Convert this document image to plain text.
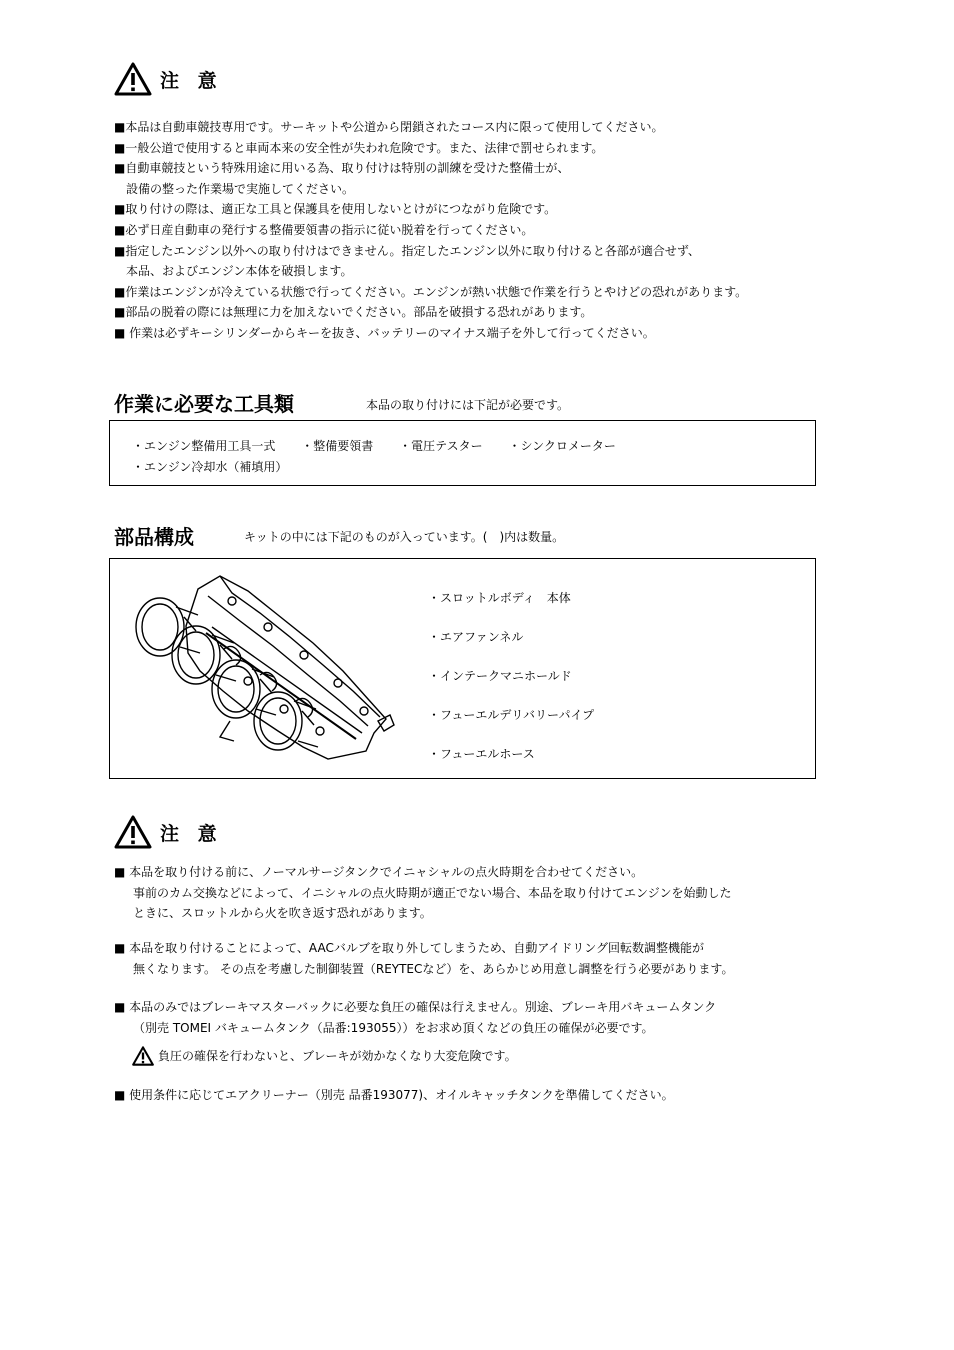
注 意
■本品は自動車競技専用です。サーキットや公道から閉鎖されたコース内に限って使用してください。
■一般公道で使用すると車両本来の安全性が失われ危険です。また、法律で罰せられます。
■自動車競技という特殊用途に用いる為、取り付けは特別の訓練を受けた整備士が、
設備の整った作業場で実施してください。
■取り付けの際は、適正な工具と保護具を使用しないとけがにつながり危険です。
■必ず日産自動車の発行する整備要領書の指示に従い脱着を行ってください。
■指定したエンジン以外への取り付けはできません。指定したエンジン以外に取り付けると各部が適合せず、
本品、およびエンジン本体を破損します。
■作業はエンジンが冷えている状態で行ってください。エンジンが熱い状態で作業を行うとやけどの恐れがあります。
■部品の脱着の際には無理に力を加えないでください。部品を破損する恐れがあります。
■ 作業は必ずキーシリンダーからキーを抜き、バッテリーのマイナス端子を外して行ってください。
作業に必要な工具類	本品の取り付けには下記が必要です。
・エンジン整備用工具一式 ・整備要領書 ・電圧テスター ・シンクロメーター
・エンジン冷却水（補填用）
部品構成	キットの中には下記のものが入っています。(　)内は数量。
・スロットルボディ　本体
・エアファンネル
・インテークマニホールド
・フューエルデリバリーパイプ
・フューエルホース
注 意
■ 本品を取り付ける前に、ノーマルサージタンクでイニャシャルの点火時期を合わせてください。
事前のカム交換などによって、イニシャルの点火時期が適正でない場合、本品を取り付けてエンジンを始動した
ときに、スロットルから火を吹き返す恐れがあります。
■ 本品を取り付けることによって、AACバルブを取り外してしまうため、自動アイドリング回転数調整機能が
無くなります。 その点を考慮した制御装置（REYTECなど）を、あらかじめ用意し調整を行う必要があります。
■ 本品のみではブレーキマスターバックに必要な負圧の確保は行えません。別途、ブレーキ用バキュームタンク
（別売 TOMEI バキュームタンク（品番:193055））をお求め頂くなどの負圧の確保が必要です。
負圧の確保を行わないと、ブレーキが効かなくなり大変危険です。
■ 使用条件に応じてエアクリーナー（別売 品番193077)、オイルキャッチタンクを準備してください。
